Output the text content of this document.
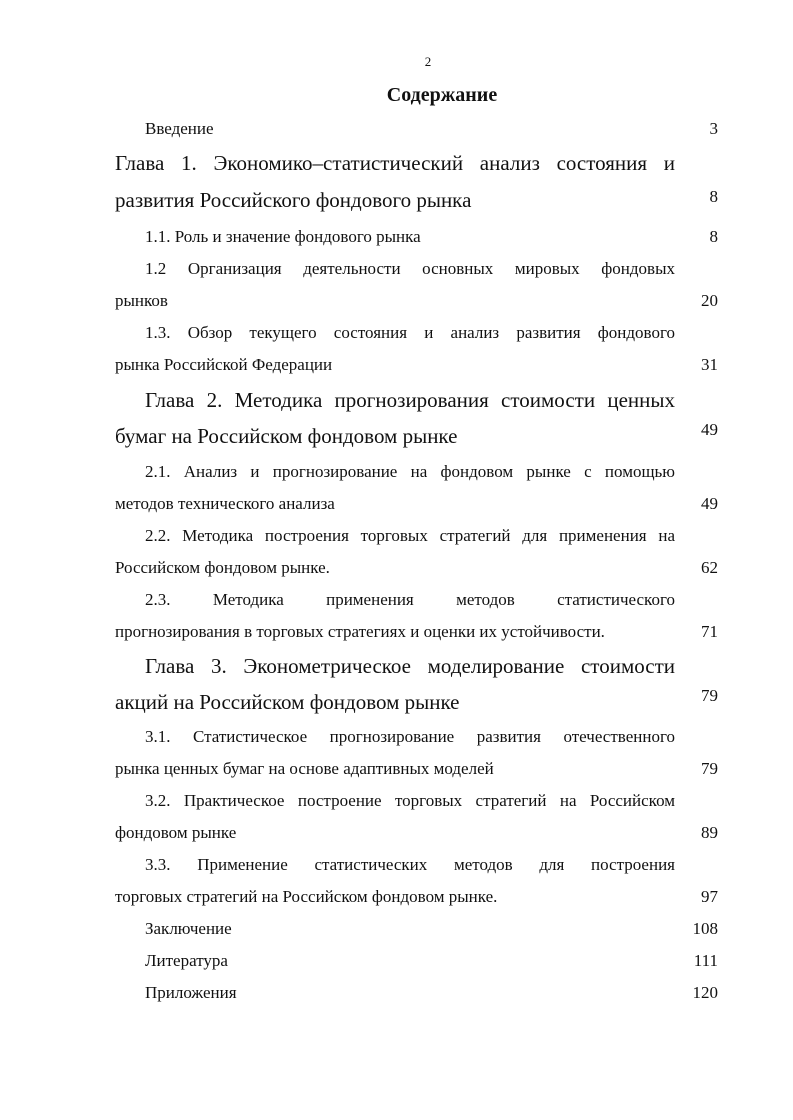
2
Содержание
Введение	3
Глава 1. Экономико–статистический анализ состояния и
развития Российского фондового рынка	8
1.1. Роль и значение фондового рынка	8
1.2 Организация деятельности основных мировых фондовых
рынков	20
1.3. Обзор текущего состояния и анализ развития фондового
рынка Российской Федерации	31
Глава 2. Методика прогнозирования стоимости ценных
бумаг на Российском фондовом рынке	49
2.1. Анализ и прогнозирование на фондовом рынке с помощью
методов технического анализа	49
2.2. Методика построения торговых стратегий для применения на
Российском фондовом рынке.	62
2.3. Методика применения методов статистического
прогнозирования в торговых стратегиях и оценки их устойчивости.	71
Глава 3. Эконометрическое моделирование стоимости
акций на Российском фондовом рынке	79
3.1. Статистическое прогнозирование развития отечественного
рынка ценных бумаг на основе адаптивных моделей	79
3.2. Практическое построение торговых стратегий на Российском
фондовом рынке	89
3.3. Применение статистических методов для построения
торговых стратегий на Российском фондовом рынке.	97
Заключение	108
Литература	111
Приложения	120
